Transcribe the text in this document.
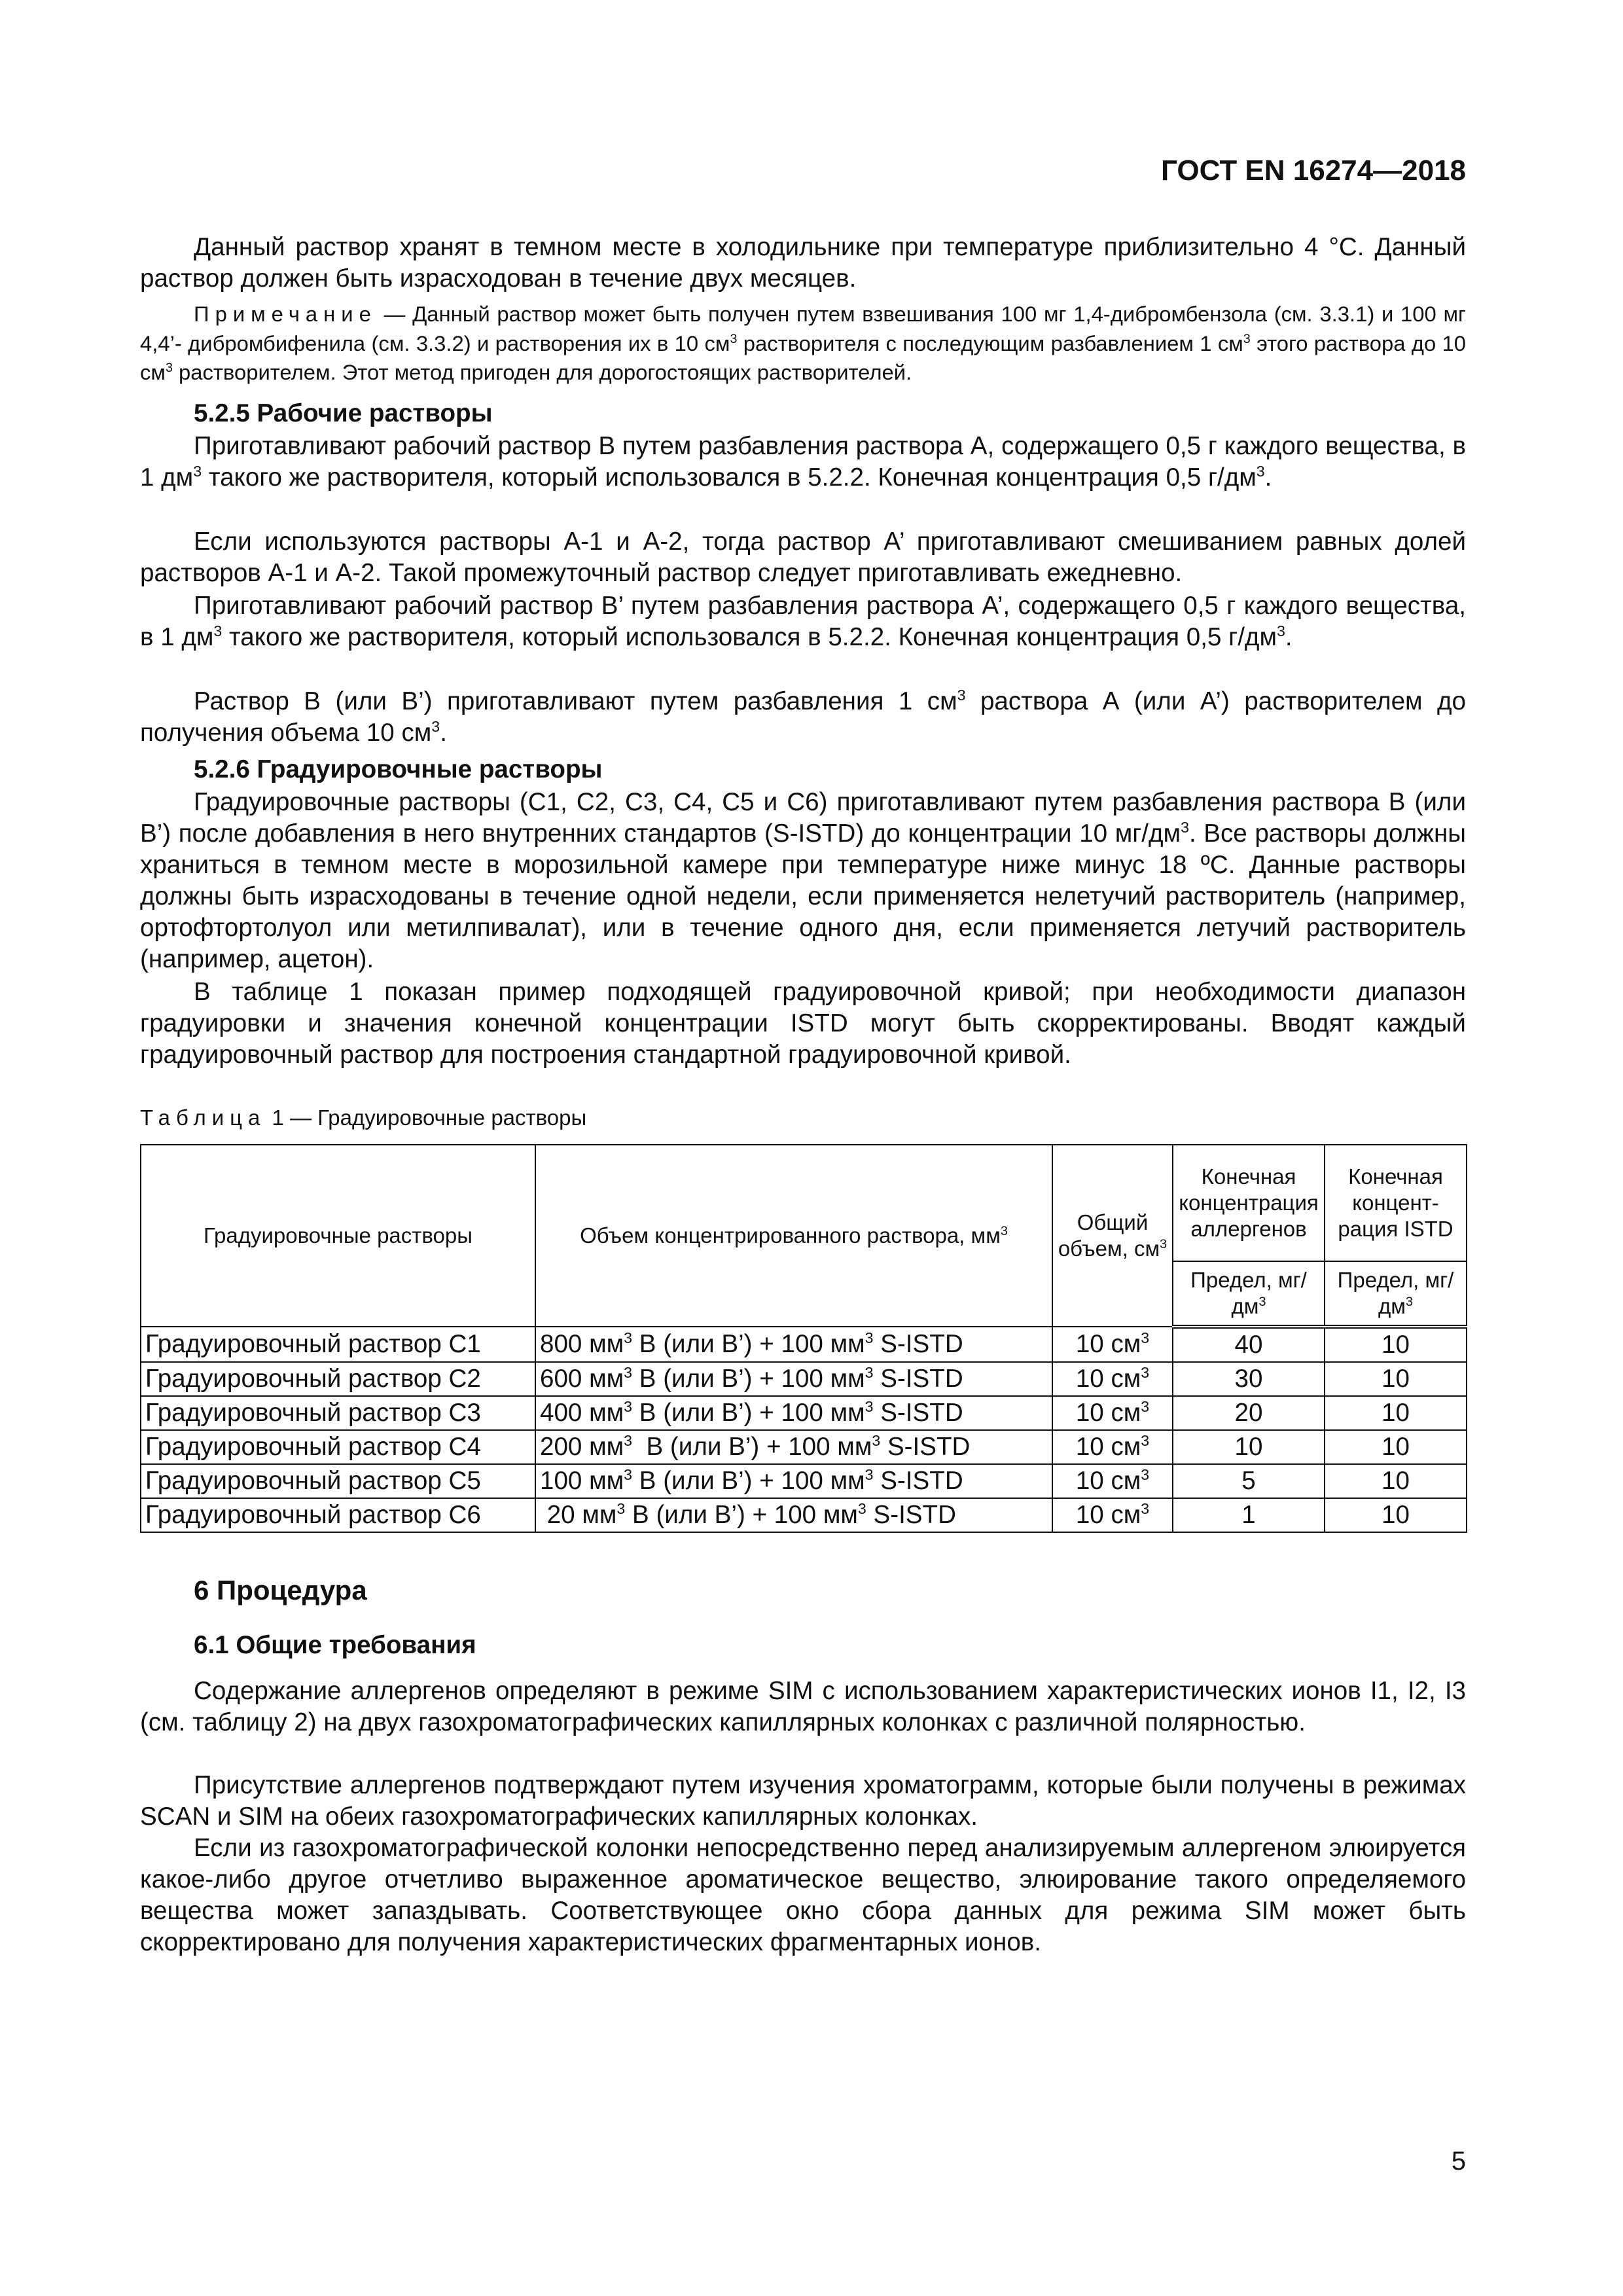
ГОСТ EN 16274—2018

Данный раствор хранят в темном месте в холодильнике при температуре приблизительно 4 °С. Данный раствор должен быть израсходован в течение двух месяцев.

Примечание — Данный раствор может быть получен путем взвешивания 100 мг 1,4-дибромбензола (см. 3.3.1) и 100 мг 4,4’- дибромбифенила (см. 3.3.2) и растворения их в 10 $см^3$ растворителя с последующим разбавлением 1 $см^3$ этого раствора до 10 $см^3$ растворителем. Этот метод пригоден для дорогостоящих растворителей.

5.2.5 Рабочие растворы

Приготавливают рабочий раствор В путем разбавления раствора А, содержащего 0,5 г каждого вещества, в 1 $дм^3$ такого же растворителя, который использовался в 5.2.2. Конечная концентрация 0,5 $г/дм^3$.

Если используются растворы А-1 и А-2, тогда раствор А’ приготавливают смешиванием равных долей растворов А-1 и А-2. Такой промежуточный раствор следует приготавливать ежедневно.

Приготавливают рабочий раствор В’ путем разбавления раствора А’, содержащего 0,5 г каждого вещества, в 1 $дм^3$ такого же растворителя, который использовался в 5.2.2. Конечная концентрация 0,5 $г/дм^3$.

Раствор В (или В’) приготавливают путем разбавления 1 $см^3$ раствора А (или А’) растворителем до получения объема 10 $см^3$.

5.2.6 Градуировочные растворы

Градуировочные растворы (С1, С2, С3, С4, С5 и С6) приготавливают путем разбавления раствора В (или В’) после добавления в него внутренних стандартов (S-ISTD) до концентрации 10 $мг/дм^3$. Все растворы должны храниться в темном месте в морозильной камере при температуре ниже минус 18 ºС. Данные растворы должны быть израсходованы в течение одной недели, если применяется нелетучий растворитель (например, ортофтортолуол или метилпивалат), или в течение одного дня, если применяется летучий растворитель (например, ацетон).

В таблице 1 показан пример подходящей градуировочной кривой; при необходимости диапазон градуировки и значения конечной концентрации ISTD могут быть скорректированы. Вводят каждый градуировочный раствор для построения стандартной градуировочной кривой.

Таблица 1 — Градуировочные растворы

Градуировочные растворы	Объем концентрированного раствора, $мм^3$	Общий объем, $см^3$	Конечная концентрация аллергенов	Конечная концентрация ISTD
			Предел, $мг/дм^3$	Предел, $мг/дм^3$
Градуировочный раствор С1	800 $мм^3$ В (или В’) + 100 $мм^3$ S-ISTD	10 $см^3$	40	10
Градуировочный раствор С2	600 $мм^3$ В (или В’) + 100 $мм^3$ S-ISTD	10 $см^3$	30	10
Градуировочный раствор С3	400 $мм^3$ В (или В’) + 100 $мм^3$ S-ISTD	10 $см^3$	20	10
Градуировочный раствор С4	200 $мм^3$  В (или В’) + 100 $мм^3$ S-ISTD	10 $см^3$	10	10
Градуировочный раствор С5	100 $мм^3$ В (или В’) + 100 $мм^3$ S-ISTD	10 $см^3$	5	10
Градуировочный раствор С6	20 $мм^3$ В (или В’) + 100 $мм^3$ S-ISTD	10 $см^3$	1	10
6 Процедура
6.1 Общие требования

Содержание аллергенов определяют в режиме SIM с использованием характеристических ионов I1, I2, I3 (см. таблицу 2) на двух газохроматографических капиллярных колонках с различной полярностью.

Присутствие аллергенов подтверждают путем изучения хроматограмм, которые были получены в режимах SCAN и SIM на обеих газохроматографических капиллярных колонках.

Если из газохроматографической колонки непосредственно перед анализируемым аллергеном элюируется какое-либо другое отчетливо выраженное ароматическое вещество, элюирование такого определяемого вещества может запаздывать. Соответствующее окно сбора данных для режима SIM может быть скорректировано для получения характеристических фрагментарных ионов.

5
